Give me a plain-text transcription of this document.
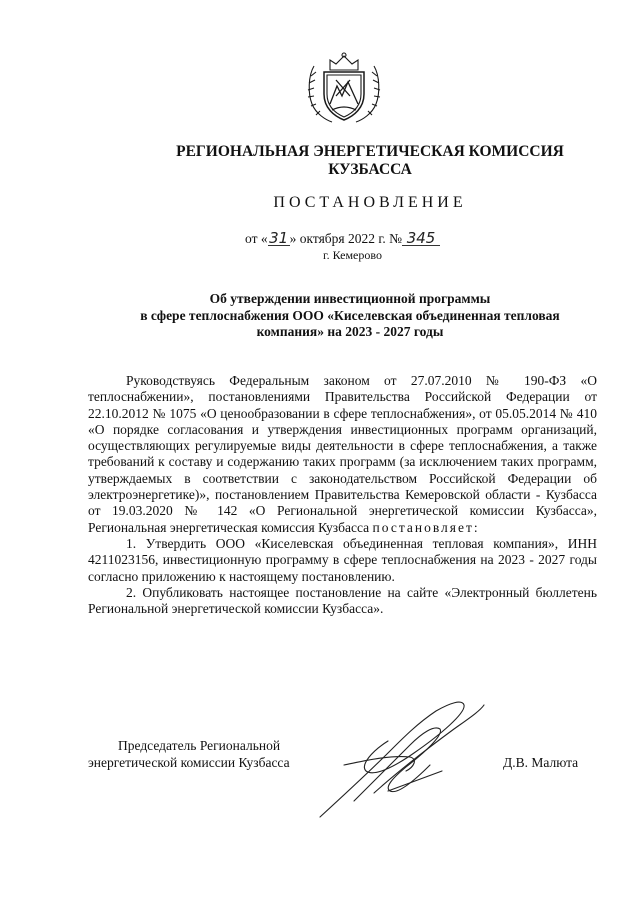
РЕГИОНАЛЬНАЯ ЭНЕРГЕТИЧЕСКАЯ КОМИССИЯ
КУЗБАССА
ПОСТАНОВЛЕНИЕ
от «31» октября 2022 г. № 345
г. Кемерово
Об утверждении инвестиционной программы
в сфере теплоснабжения ООО «Киселевская объединенная тепловая
компания» на 2023 - 2027 годы

Руководствуясь Федеральным законом от 27.07.2010 № 190-ФЗ «О теплоснабжении», постановлениями Правительства Российской Федерации от 22.10.2012 № 1075 «О ценообразовании в сфере теплоснабжения», от 05.05.2014 № 410 «О порядке согласования и утверждения инвестиционных программ организаций, осуществляющих регулируемые виды деятельности в сфере теплоснабжения, а также требований к составу и содержанию таких программ (за исключением таких программ, утверждаемых в соответствии с законодательством Российской Федерации об электроэнергетике)», постановлением Правительства Кемеровской области - Кузбасса от 19.03.2020 № 142 «О Региональной энергетической комиссии Кузбасса», Региональная энергетическая комиссия Кузбасса постановляет:

1. Утвердить ООО «Киселевская объединенная тепловая компания», ИНН 4211023156, инвестиционную программу в сфере теплоснабжения на 2023 - 2027 годы согласно приложению к настоящему постановлению.

2. Опубликовать настоящее постановление на сайте «Электронный бюллетень Региональной энергетической комиссии Кузбасса».

Председатель Региональной
энергетической комиссии Кузбасса	Д.В. Малюта
